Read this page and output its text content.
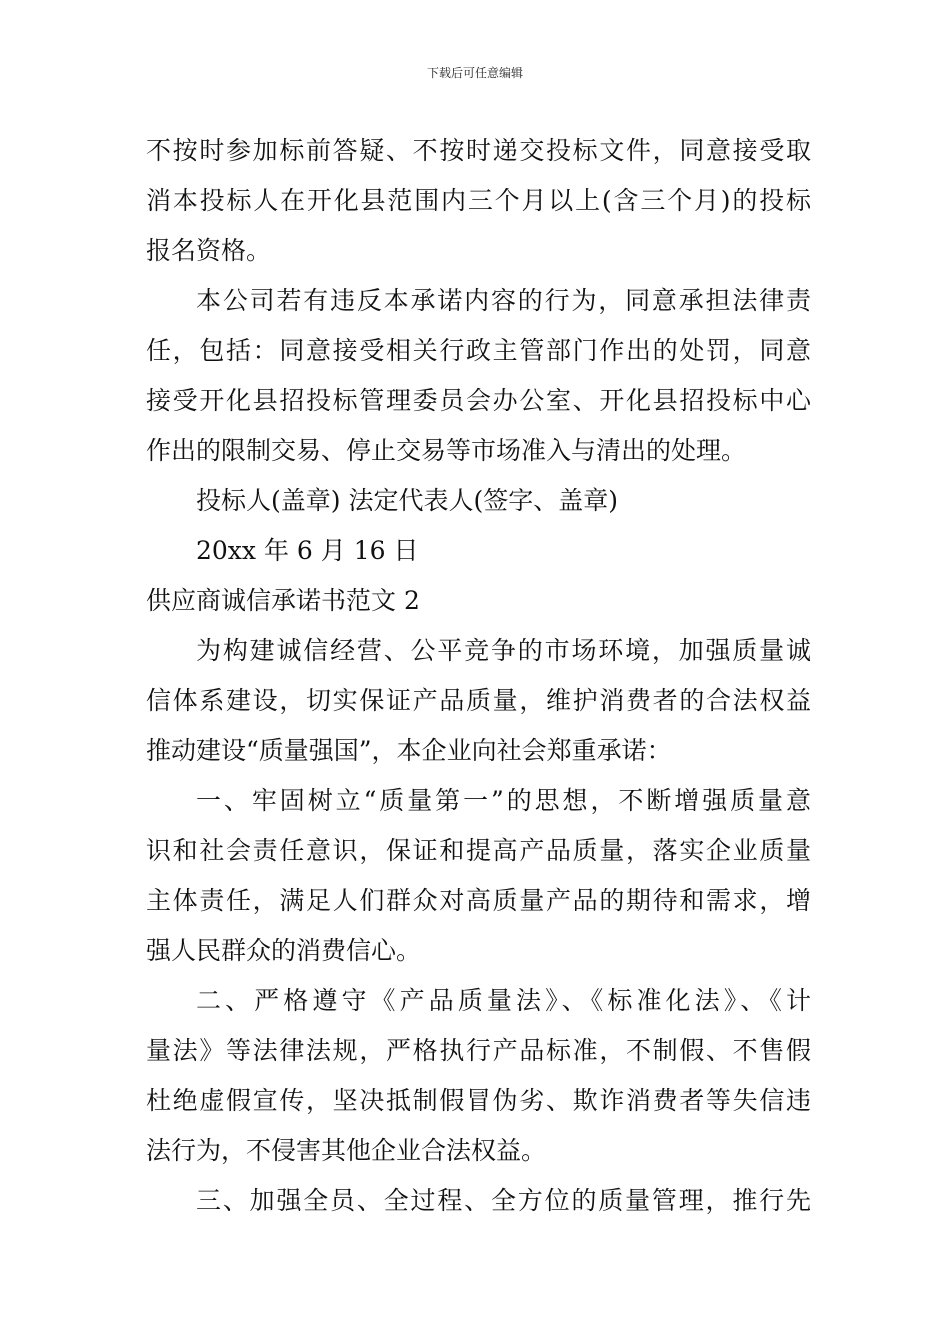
下载后可任意编辑
不按时参加标前答疑、不按时递交投标文件，同意接受取
消本投标人在开化县范围内三个月以上(含三个月)的投标
报名资格。
本公司若有违反本承诺内容的行为，同意承担法律责
任，包括：同意接受相关行政主管部门作出的处罚，同意
接受开化县招投标管理委员会办公室、开化县招投标中心
作出的限制交易、停止交易等市场准入与清出的处理。
投标人(盖章) 法定代表人(签字、盖章)
20xx 年 6 月 16 日
供应商诚信承诺书范文 2
为构建诚信经营、公平竞争的市场环境，加强质量诚
信体系建设，切实保证产品质量，维护消费者的合法权益
推动建设“质量强国”，本企业向社会郑重承诺：
一、牢固树立“质量第一”的思想，不断增强质量意
识和社会责任意识，保证和提高产品质量，落实企业质量
主体责任，满足人们群众对高质量产品的期待和需求，增
强人民群众的消费信心。
二、严格遵守《产品质量法》、《标准化法》、《计
量法》等法律法规，严格执行产品标准，不制假、不售假
杜绝虚假宣传，坚决抵制假冒伪劣、欺诈消费者等失信违
法行为，不侵害其他企业合法权益。
三、加强全员、全过程、全方位的质量管理，推行先
